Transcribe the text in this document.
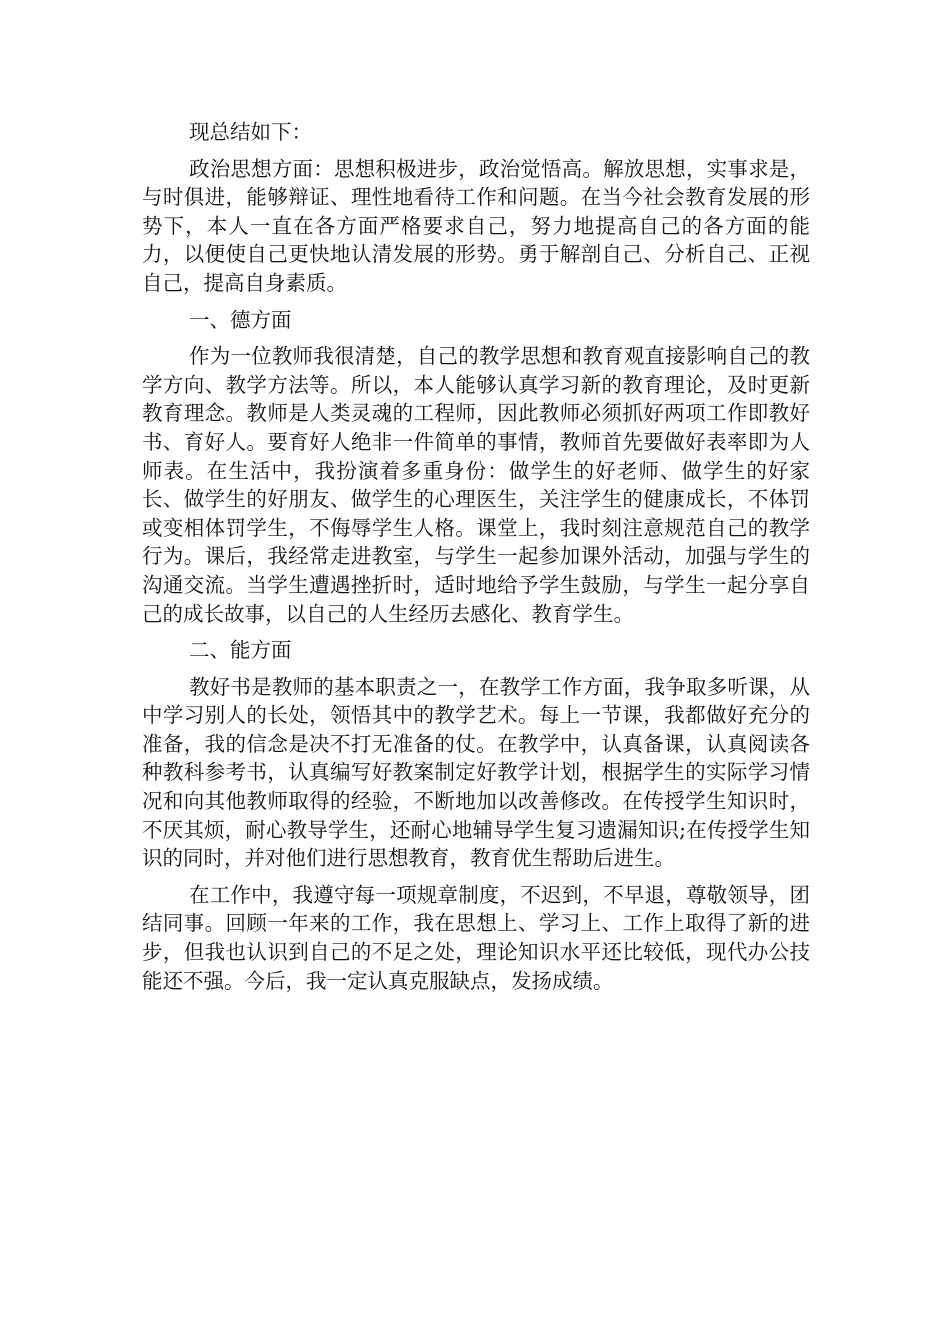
现总结如下：

政治思想方面：思想积极进步，政治觉悟高。解放思想，实事求是，与时俱进，能够辩证、理性地看待工作和问题。在当今社会教育发展的形势下，本人一直在各方面严格要求自己，努力地提高自己的各方面的能力，以便使自己更快地认清发展的形势。勇于解剖自己、分析自己、正视自己，提高自身素质。

一、德方面

作为一位教师我很清楚，自己的教学思想和教育观直接影响自己的教学方向、教学方法等。所以，本人能够认真学习新的教育理论，及时更新教育理念。教师是人类灵魂的工程师，因此教师必须抓好两项工作即教好书、育好人。要育好人绝非一件简单的事情，教师首先要做好表率即为人师表。在生活中，我扮演着多重身份：做学生的好老师、做学生的好家长、做学生的好朋友、做学生的心理医生，关注学生的健康成长，不体罚或变相体罚学生，不侮辱学生人格。课堂上，我时刻注意规范自己的教学行为。课后，我经常走进教室，与学生一起参加课外活动，加强与学生的沟通交流。当学生遭遇挫折时，适时地给予学生鼓励，与学生一起分享自己的成长故事，以自己的人生经历去感化、教育学生。

二、能方面

教好书是教师的基本职责之一，在教学工作方面，我争取多听课，从中学习别人的长处，领悟其中的教学艺术。每上一节课，我都做好充分的准备，我的信念是决不打无准备的仗。在教学中，认真备课，认真阅读各种教科参考书，认真编写好教案制定好教学计划，根据学生的实际学习情况和向其他教师取得的经验，不断地加以改善修改。在传授学生知识时，不厌其烦，耐心教导学生，还耐心地辅导学生复习遗漏知识;在传授学生知识的同时，并对他们进行思想教育，教育优生帮助后进生。

在工作中，我遵守每一项规章制度，不迟到，不早退，尊敬领导，团结同事。回顾一年来的工作，我在思想上、学习上、工作上取得了新的进步，但我也认识到自己的不足之处，理论知识水平还比较低，现代办公技能还不强。今后，我一定认真克服缺点，发扬成绩。
